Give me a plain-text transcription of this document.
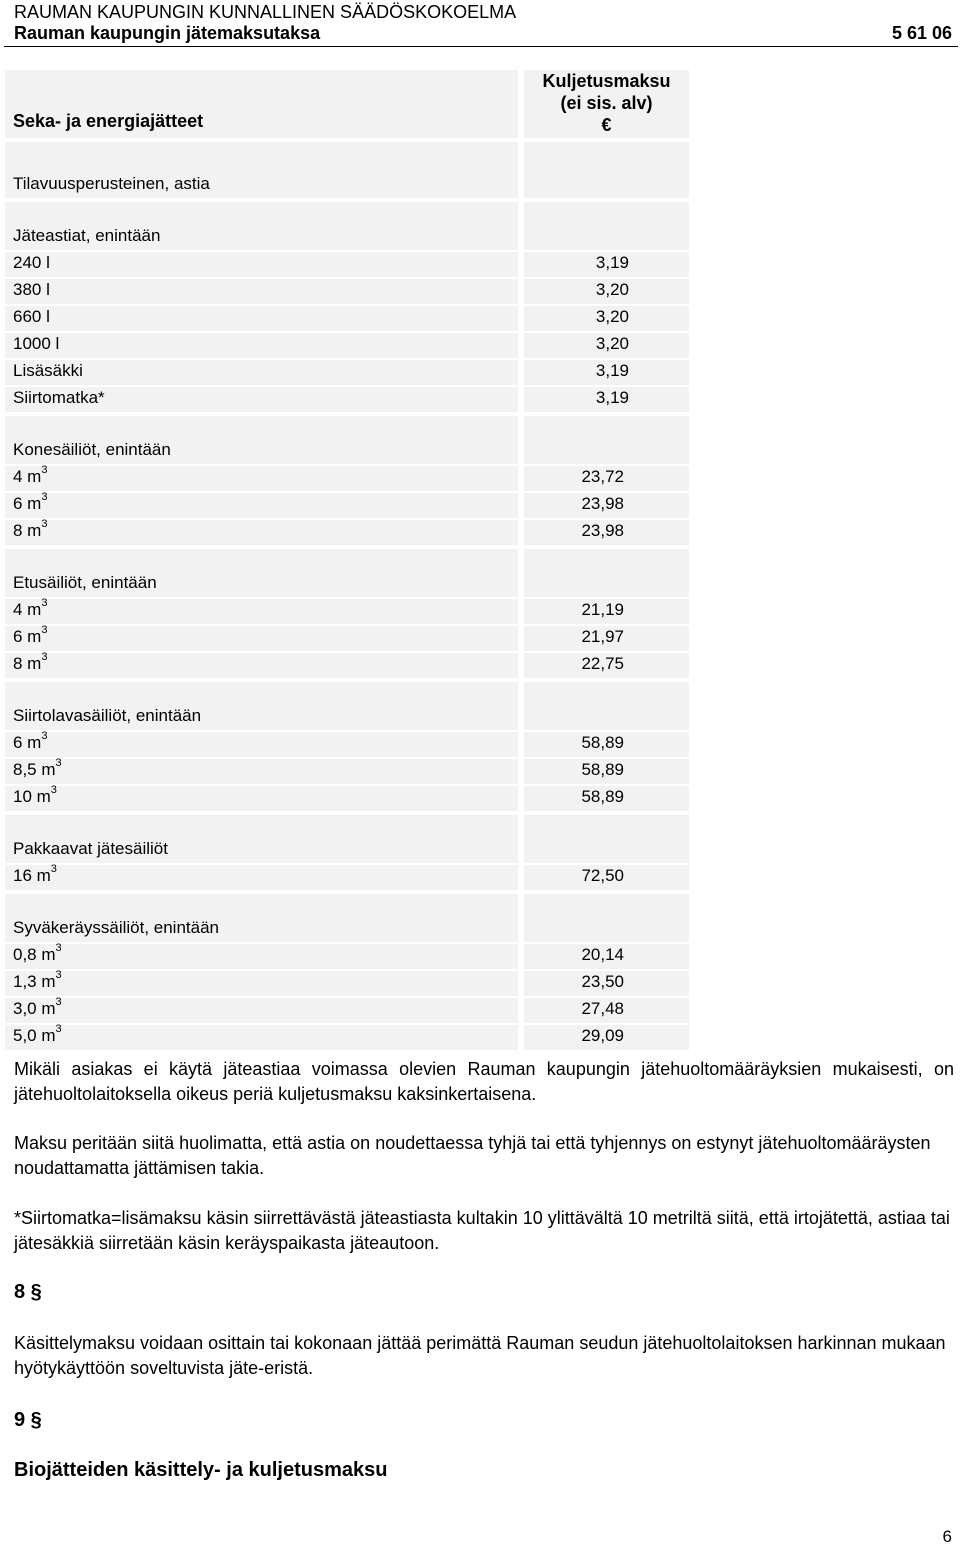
RAUMAN KAUPUNGIN KUNNALLINEN SÄÄDÖSKOKOELMA
Rauman kaupungin jätemaksutaksa	5 61 06
Seka- ja energiajätteet
Kuljetusmaksu
(ei sis. alv)
€
Tilavuusperusteinen, astia
Jäteastiat, enintään
240 l	3,19
380 l	3,20
660 l	3,20
1000 l	3,20
Lisäsäkki	3,19
Siirtomatka*	3,19
Konesäiliöt, enintään
4 $m^3$	23,72
6 $m^3$	23,98
8 $m^3$	23,98
Etusäiliöt, enintään
4 $m^3$	21,19
6 $m^3$	21,97
8 $m^3$	22,75
Siirtolavasäiliöt, enintään
6 $m^3$	58,89
8,5 $m^3$	58,89
10 $m^3$	58,89
Pakkaavat jätesäiliöt
16 $m^3$	72,50
Syväkeräyssäiliöt, enintään
0,8 $m^3$	20,14
1,3 $m^3$	23,50
3,0 $m^3$	27,48
5,0 $m^3$	29,09
Mikäli asiakas ei käytä jäteastiaa voimassa olevien Rauman kaupungin jätehuoltomääräyksien mukaisesti, on jätehuoltolaitoksella oikeus periä kuljetusmaksu kaksinkertaisena.
Maksu peritään siitä huolimatta, että astia on noudettaessa tyhjä tai että tyhjennys on estynyt jätehuoltomääräysten noudattamatta jättämisen takia.
*Siirtomatka=lisämaksu käsin siirrettävästä jäteastiasta kultakin 10 ylittävältä 10 metriltä siitä, että irtojätettä, astiaa tai jätesäkkiä siirretään käsin keräyspaikasta jäteautoon.
8 §
Käsittelymaksu voidaan osittain tai kokonaan jättää perimättä Rauman seudun jätehuoltolaitoksen harkinnan mukaan hyötykäyttöön soveltuvista jäte-eristä.
9 §
Biojätteiden käsittely- ja kuljetusmaksu
6
